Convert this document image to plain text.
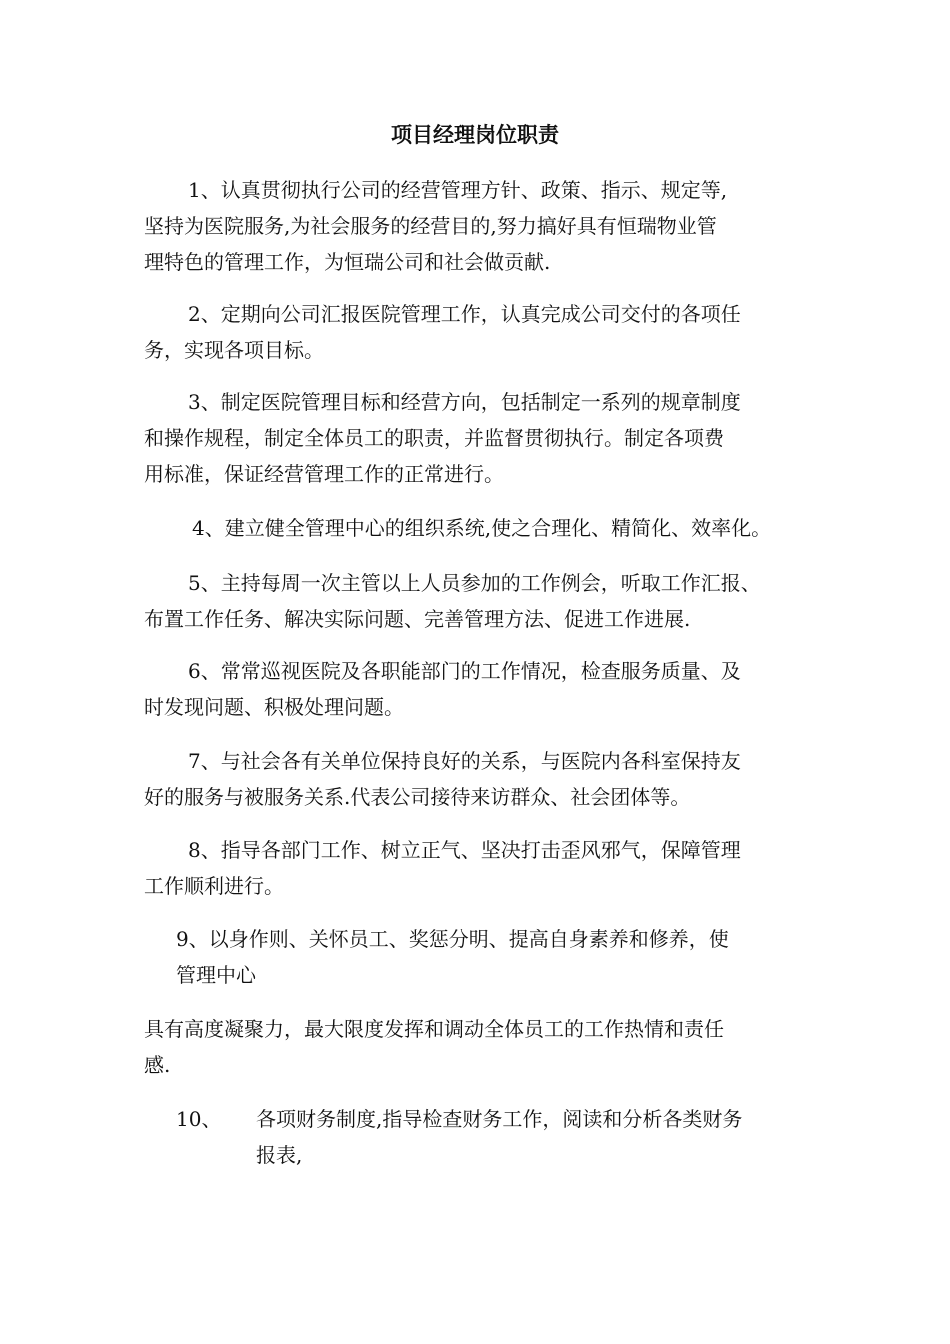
项目经理岗位职责
1、认真贯彻执行公司的经营管理方针、政策、指示、规定等,
坚持为医院服务,为社会服务的经营目的,努力搞好具有恒瑞物业管
理特色的管理工作，为恒瑞公司和社会做贡献.
2、定期向公司汇报医院管理工作，认真完成公司交付的各项任
务，实现各项目标。
3、制定医院管理目标和经营方向，包括制定一系列的规章制度
和操作规程，制定全体员工的职责，并监督贯彻执行。制定各项费
用标准，保证经营管理工作的正常进行。
4、建立健全管理中心的组织系统,使之合理化、精简化、效率化。
5、主持每周一次主管以上人员参加的工作例会，听取工作汇报、
布置工作任务、解决实际问题、完善管理方法、促进工作进展.
6、常常巡视医院及各职能部门的工作情况，检查服务质量、及
时发现问题、积极处理问题。
7、与社会各有关单位保持良好的关系，与医院内各科室保持友
好的服务与被服务关系.代表公司接待来访群众、社会团体等。
8、指导各部门工作、树立正气、坚决打击歪风邪气，保障管理
工作顺利进行。
9、以身作则、关怀员工、奖惩分明、提高自身素养和修养，使
管理中心
具有高度凝聚力，最大限度发挥和调动全体员工的工作热情和责任
感.
10、 各项财务制度,指导检查财务工作，阅读和分析各类财务
报表,
